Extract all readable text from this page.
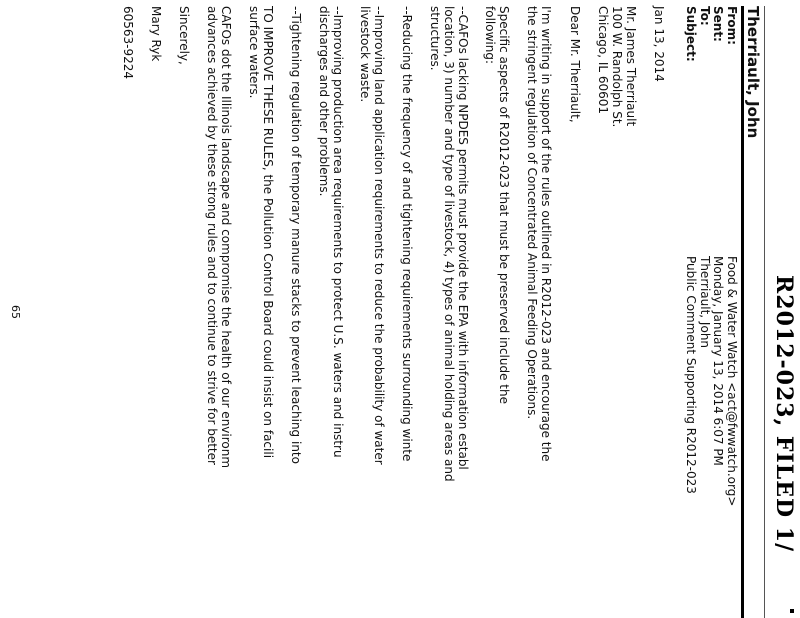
R2012-023, FILED 1/
Therriault, John
From:
Food & Water Watch <act@fwwatch.org>
Sent:
Monday, January 13, 2014 6:07 PM
To:
Therriault, John
Subject:
Public Comment Supporting R2012-023
Jan 13, 2014
Mr. James Therriault
100 W. Randolph St.
Chicago, IL 60601
Dear Mr. Therriault,
I'm writing in support of the rules outlined in R2012-023 and encourage the
the stringent regulation of Concentrated Animal Feeding Operations.
Specific aspects of R2012-023 that must be preserved include the
following:
--CAFOs lacking NPDES permits must provide the EPA with information establ
location, 3) number and type of livestock, 4) types of animal holding areas and
structures.
--Reducing the frequency of and tightening requirements surrounding winte
--Improving land application requirements to reduce the probability of water
livestock waste.
--Improving production area requirements to protect U.S. waters and instru
discharges and other problems.
--Tightening regulation of temporary manure stacks to prevent leaching into
TO IMPROVE THESE RULES, the Pollution Control Board could insist on facili
surface waters.
CAFOs dot the Illinois landscape and compromise the health of our environm
advances achieved by these strong rules and to continue to strive for better
Sincerely,
Mary Ryk
60563-9224
65
